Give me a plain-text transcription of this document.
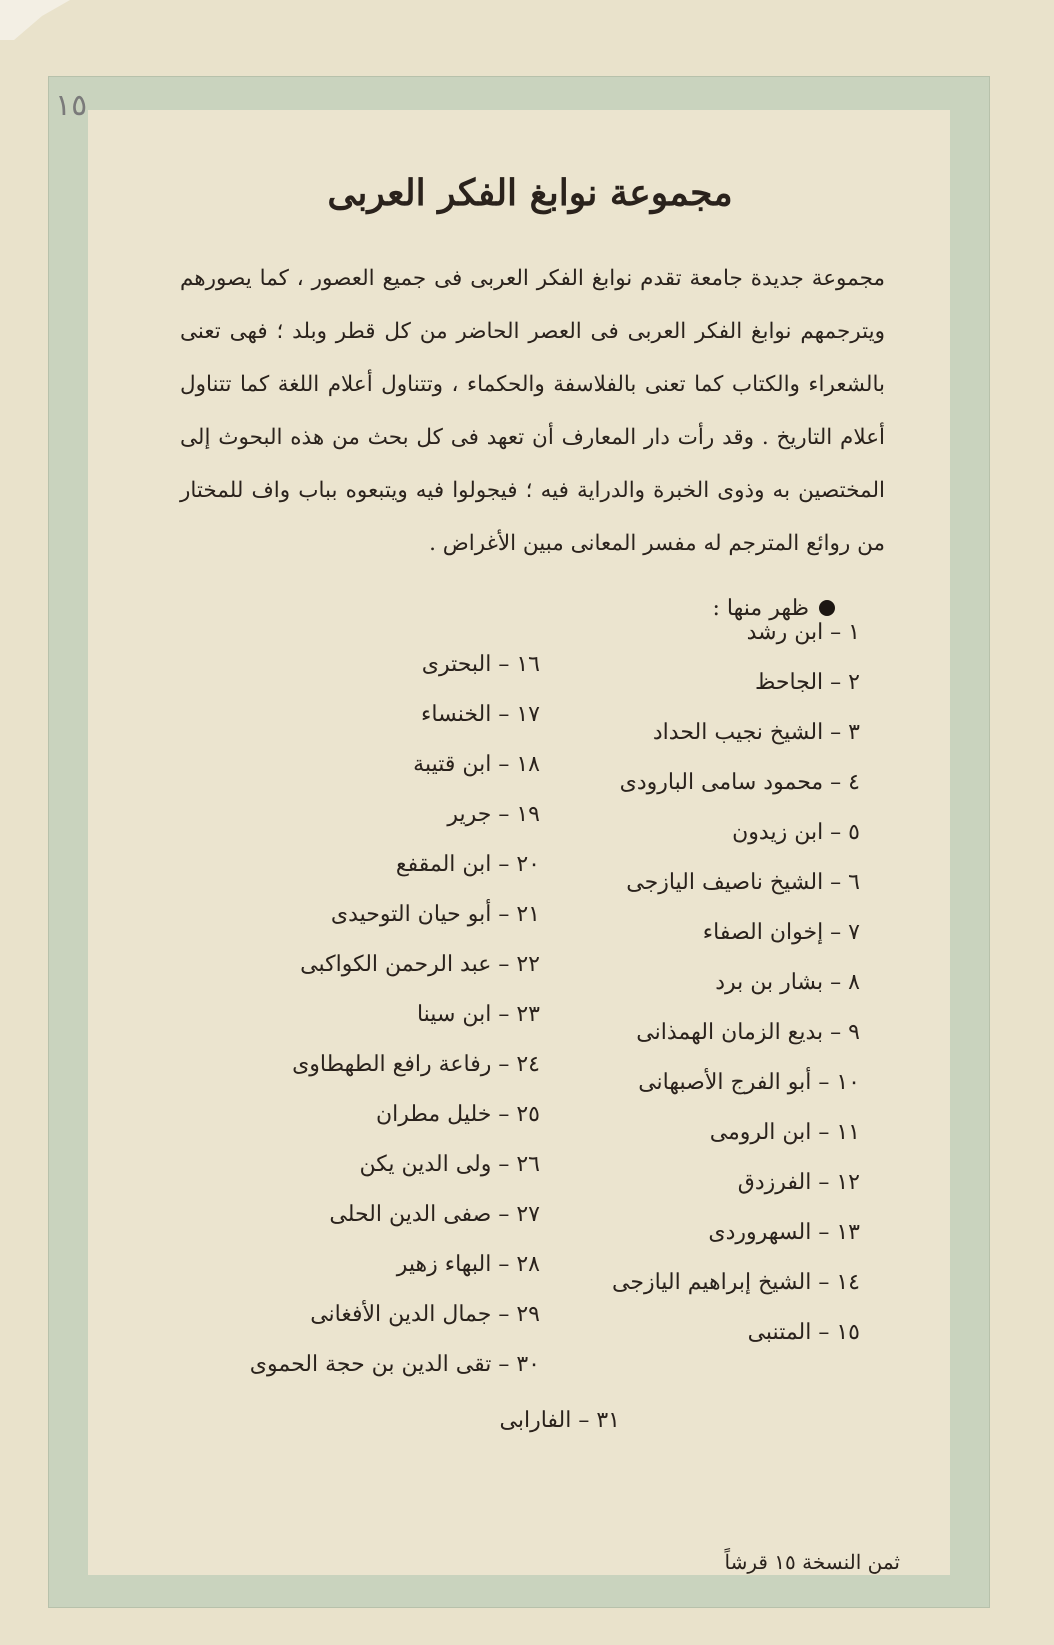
١٥
مجموعة نوابغ الفكر العربى
مجموعة جديدة جامعة تقدم نوابغ الفكر العربى فى جميع العصور ، كما يصورهم ويترجمهم نوابغ الفكر العربى فى العصر الحاضر من كل قطر وبلد ؛ فهى تعنى بالشعراء والكتاب كما تعنى بالفلاسفة والحكماء ، وتتناول أعلام اللغة كما تتناول أعلام التاريخ . وقد رأت دار المعارف أن تعهد فى كل بحث من هذه البحوث إلى المختصين به وذوى الخبرة والدراية فيه ؛ فيجولوا فيه ويتبعوه بباب واف للمختار من روائع المترجم له مفسر المعانى مبين الأغراض .
ظهر منها :
١ – ابن رشد
٢ – الجاحظ
٣ – الشيخ نجيب الحداد
٤ – محمود سامى البارودى
٥ – ابن زيدون
٦ – الشيخ ناصيف اليازجى
٧ – إخوان الصفاء
٨ – بشار بن برد
٩ – بديع الزمان الهمذانى
١٠ – أبو الفرج الأصبهانى
١١ – ابن الرومى
١٢ – الفرزدق
١٣ – السهروردى
١٤ – الشيخ إبراهيم اليازجى
١٥ – المتنبى
١٦ – البحترى
١٧ – الخنساء
١٨ – ابن قتيبة
١٩ – جرير
٢٠ – ابن المقفع
٢١ – أبو حيان التوحيدى
٢٢ – عبد الرحمن الكواكبى
٢٣ – ابن سينا
٢٤ – رفاعة رافع الطهطاوى
٢٥ – خليل مطران
٢٦ – ولى الدين يكن
٢٧ – صفى الدين الحلى
٢٨ – البهاء زهير
٢٩ – جمال الدين الأفغانى
٣٠ – تقى الدين بن حجة الحموى
٣١ – الفارابى
ثمن النسخة ١٥ قرشاً
